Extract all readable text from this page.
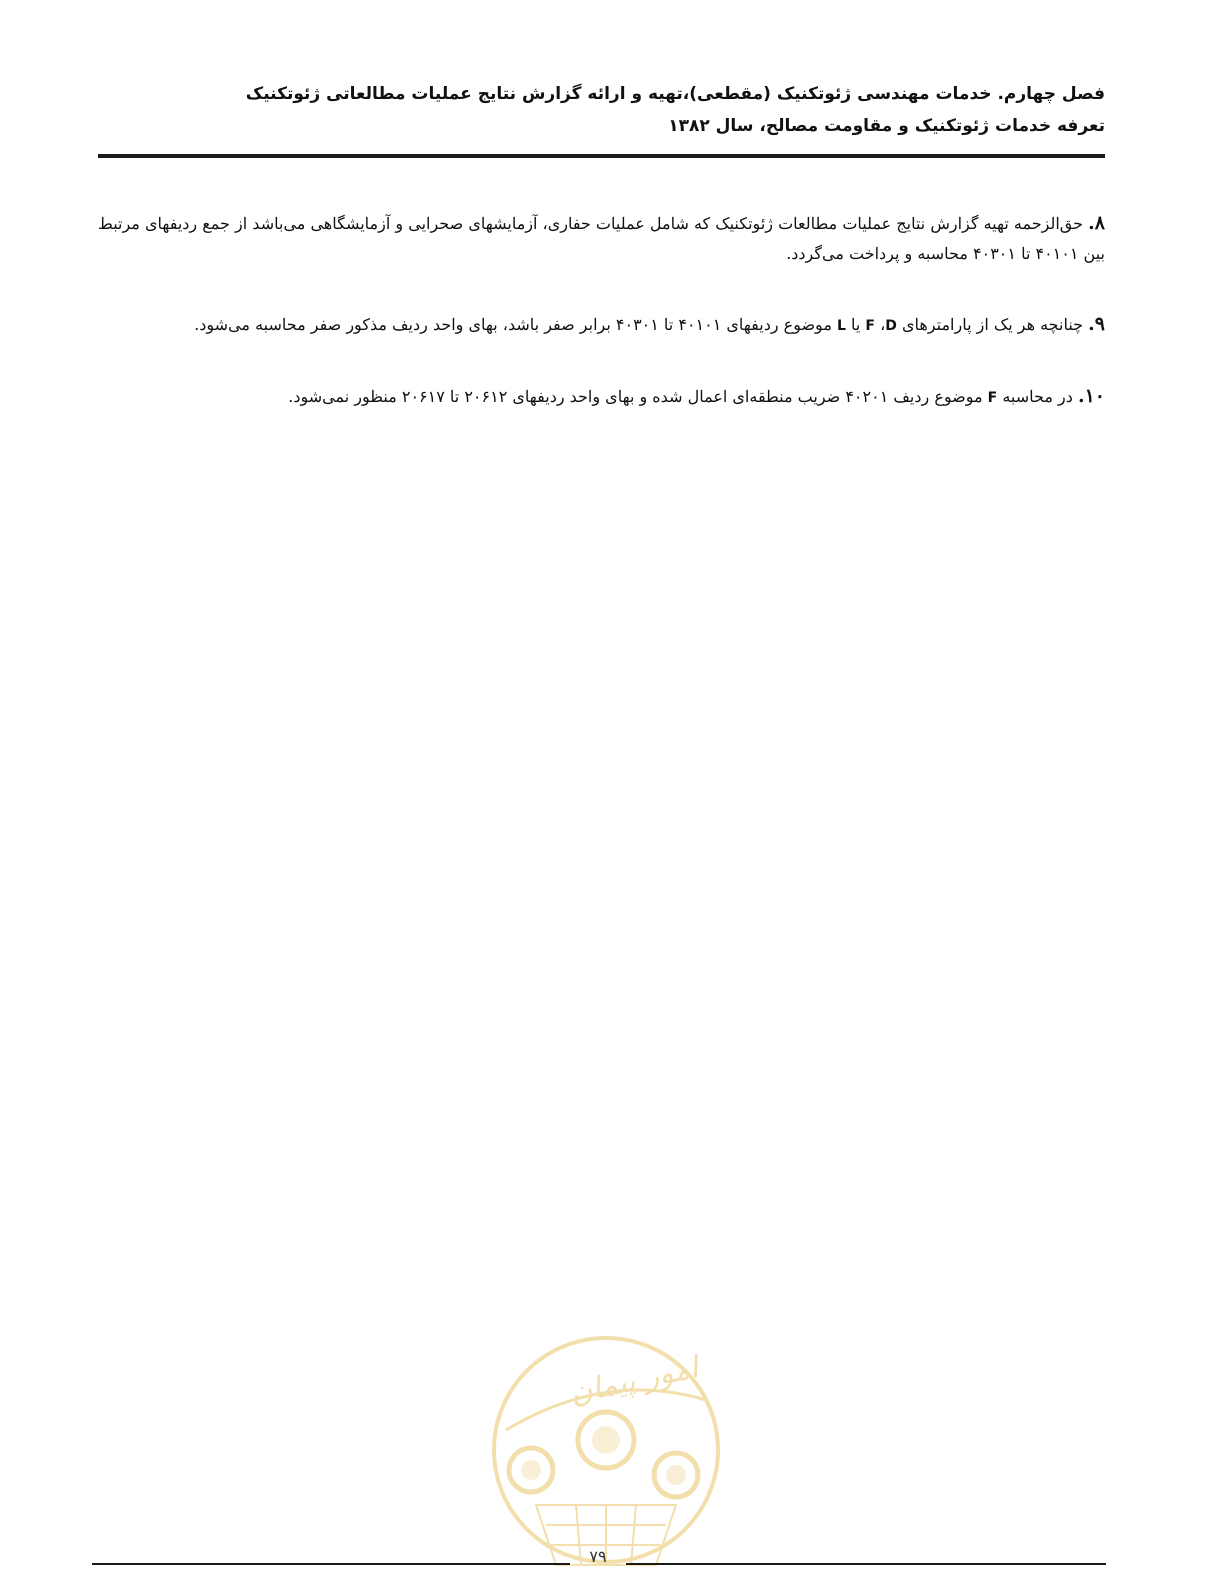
فصل چهارم. خدمات مهندسی ژئوتکنیک (مقطعی)،تهیه و ارائه گزارش نتایج عملیات مطالعاتی ژئوتکنیک
تعرفه خدمات ژئوتکنیک و مقاومت مصالح، سال ۱۳۸۲

۸. حق‌الزحمه تهیه گزارش نتایج عملیات مطالعات ژئوتکنیک که شامل عملیات حفاری، آزمایشهای صحرایی و آزمایشگاهی می‌باشد از جمع ردیفهای مرتبط بین ۴۰۱۰۱ تا ۴۰۳۰۱ محاسبه و پرداخت می‌گردد.

۹. چنانچه هر یک از پارامترهای D، F یا L موضوع ردیفهای ۴۰۱۰۱ تا ۴۰۳۰۱ برابر صفر باشد، بهای واحد ردیف مذکور صفر محاسبه می‌شود.

۱۰. در محاسبه F موضوع ردیف ۴۰۲۰۱ ضریب منطقه‌ای اعمال شده و بهای واحد ردیفهای ۲۰۶۱۲ تا ۲۰۶۱۷ منظور نمی‌شود.

امور پیمان
۷۹
